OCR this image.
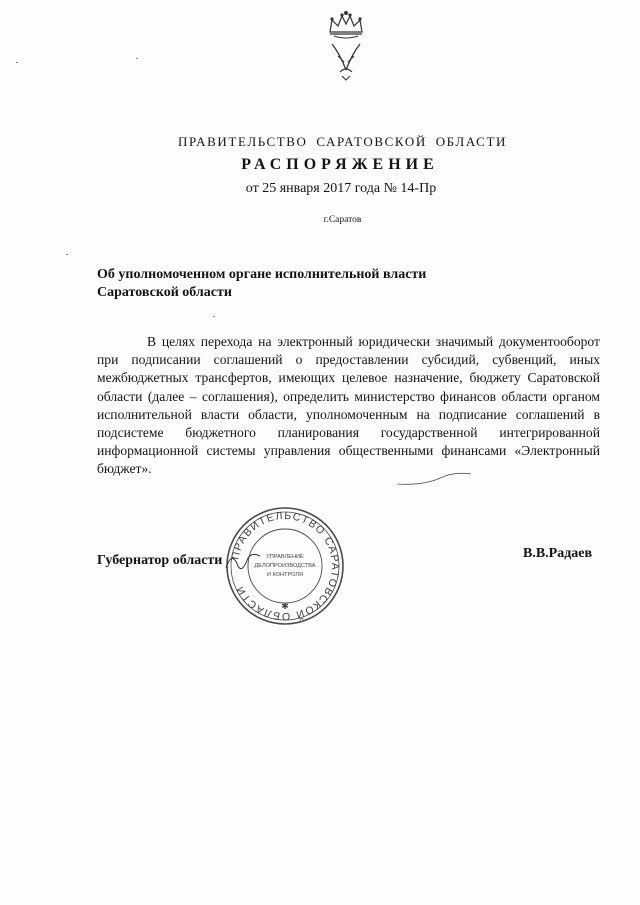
ПРАВИТЕЛЬСТВО САРАТОВСКОЙ ОБЛАСТИ
РАСПОРЯЖЕНИЕ
от 25 января 2017 года № 14-Пр
г.Саратов
Об уполномоченном органе исполнительной власти
Саратовской области
В целях перехода на электронный юридически значимый документооборот при подписании соглашений о предоставлении субсидий, субвенций, иных межбюджетных трансфертов, имеющих целевое назначение, бюджету Саратовской области (далее – соглашения), определить министерство финансов области органом исполнительной власти области, уполномоченным на подписание соглашений в подсистеме бюджетного планирования государственной интегрированной информационной системы управления общественными финансами «Электронный бюджет».
Губернатор области	В.В.Радаев
ПРАВИТЕЛЬСТВО САРАТОВСКОЙ ОБЛАСТИ
УПРАВЛЕНИЕ
ДЕЛОПРОИЗВОДСТВА
И КОНТРОЛЯ
✱
